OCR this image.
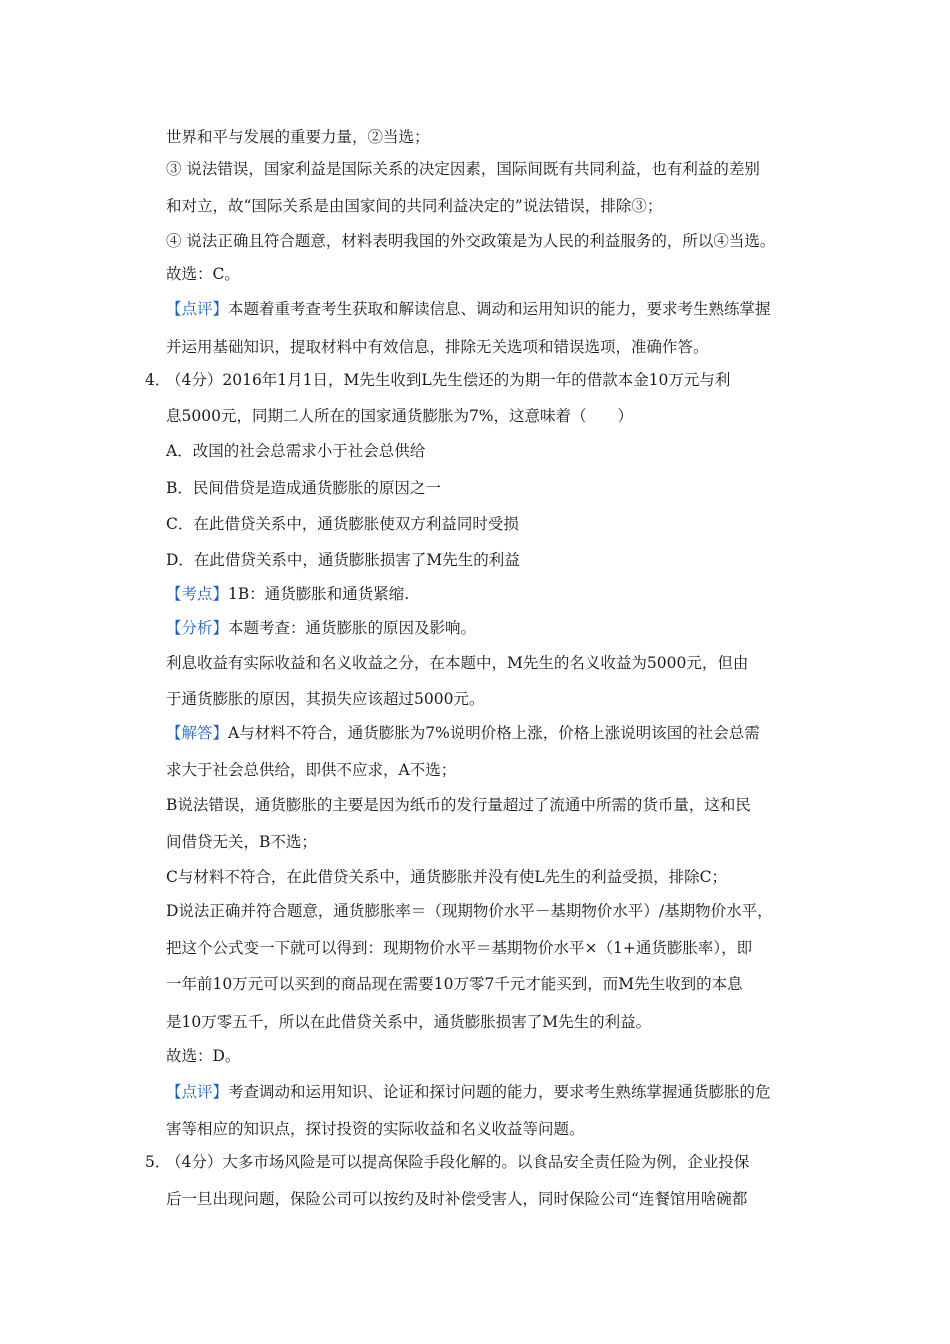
世界和平与发展的重要力量，②当选；
③ 说法错误，国家利益是国际关系的决定因素，国际间既有共同利益，也有利益的差别
和对立，故“国际关系是由国家间的共同利益决定的”说法错误，排除③；
④ 说法正确且符合题意，材料表明我国的外交政策是为人民的利益服务的，所以④当选。
故选：C。
【点评】本题着重考查考生获取和解读信息、调动和运用知识的能力，要求考生熟练掌握
并运用基础知识，提取材料中有效信息，排除无关选项和错误选项，准确作答。
4．
（4分）2016年1月1日，M先生收到L先生偿还的为期一年的借款本金10万元与利
息5000元，同期二人所在的国家通货膨胀为7%，这意味着（　　）
A．改国的社会总需求小于社会总供给
B．民间借贷是造成通货膨胀的原因之一
C．在此借贷关系中，通货膨胀使双方利益同时受损
D．在此借贷关系中，通货膨胀损害了M先生的利益
【考点】1B：通货膨胀和通货紧缩.
【分析】本题考查：通货膨胀的原因及影响。
利息收益有实际收益和名义收益之分，在本题中，M先生的名义收益为5000元，但由
于通货膨胀的原因，其损失应该超过5000元。
【解答】A与材料不符合，通货膨胀为7%说明价格上涨，价格上涨说明该国的社会总需
求大于社会总供给，即供不应求，A不选；
B说法错误，通货膨胀的主要是因为纸币的发行量超过了流通中所需的货币量，这和民
间借贷无关，B不选；
C与材料不符合，在此借贷关系中，通货膨胀并没有使L先生的利益受损，排除C；
D说法正确并符合题意，通货膨胀率＝（现期物价水平－基期物价水平）/基期物价水平，
把这个公式变一下就可以得到：现期物价水平＝基期物价水平×（1+通货膨胀率），即
一年前10万元可以买到的商品现在需要10万零7千元才能买到，而M先生收到的本息
是10万零五千，所以在此借贷关系中，通货膨胀损害了M先生的利益。
故选：D。
【点评】考查调动和运用知识、论证和探讨问题的能力，要求考生熟练掌握通货膨胀的危
害等相应的知识点，探讨投资的实际收益和名义收益等问题。
5．
（4分）大多市场风险是可以提高保险手段化解的。以食品安全责任险为例，企业投保
后一旦出现问题，保险公司可以按约及时补偿受害人，同时保险公司“连餐馆用啥碗都
